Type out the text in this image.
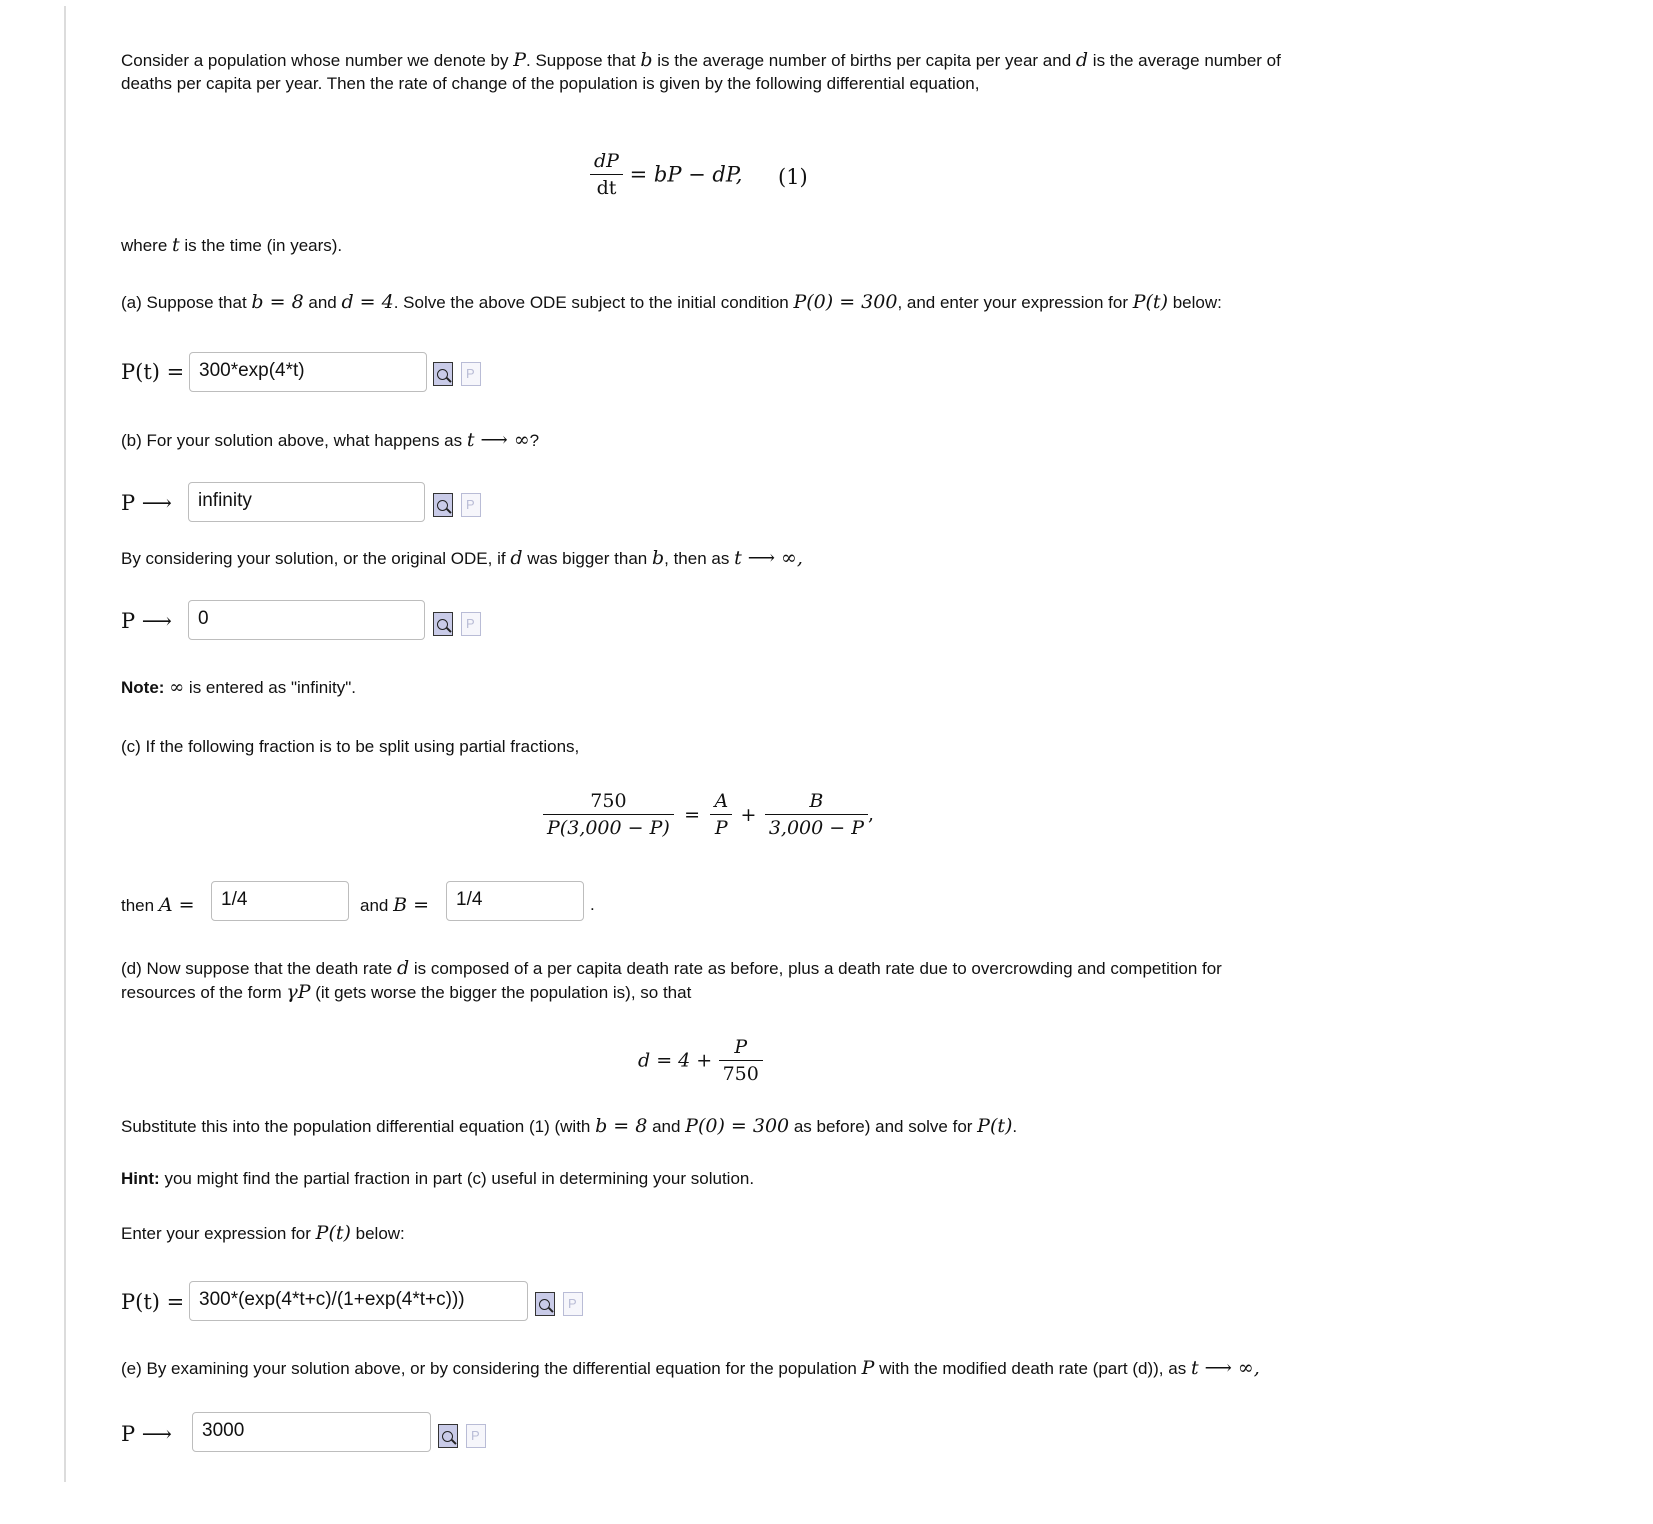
Consider a population whose number we denote by P. Suppose that b is the average number of births per capita per year and d is the average number of

deaths per capita per year. Then the rate of change of the population is given by the following differential equation,

$\frac{dP}{dt}$ = bP − dP, (1)

where t is the time (in years).

(a) Suppose that b = 8 and d = 4. Solve the above ODE subject to the initial condition P(0) = 300, and enter your expression for P(t) below:

P(t) = 300*exp(4*t)
P

(b) For your solution above, what happens as t ⟶ ∞?

P ⟶	infinity
P

By considering your solution, or the original ODE, if d was bigger than b, then as t ⟶ ∞,

P ⟶	0
P

Note: ∞ is entered as "infinity".

(c) If the following fraction is to be split using partial fractions,

$\frac{750}{P(3,000 - P)} = \frac{A}{P} + \frac{B}{3,000 - P}$ ,
then A =	1/4	and B =	1/4	.

(d) Now suppose that the death rate d is composed of a per capita death rate as before, plus a death rate due to overcrowding and competition for

resources of the form γP (it gets worse the bigger the population is), so that

$d = 4 + \frac{P}{750}$

Substitute this into the population differential equation (1) (with b = 8 and P(0) = 300 as before) and solve for P(t).

Hint: you might find the partial fraction in part (c) useful in determining your solution.

Enter your expression for P(t) below:

P(t) = 300*(exp(4*t+c)/(1+exp(4*t+c)))
P

(e) By examining your solution above, or by considering the differential equation for the population P with the modified death rate (part (d)), as t ⟶ ∞,

P ⟶	3000
P
